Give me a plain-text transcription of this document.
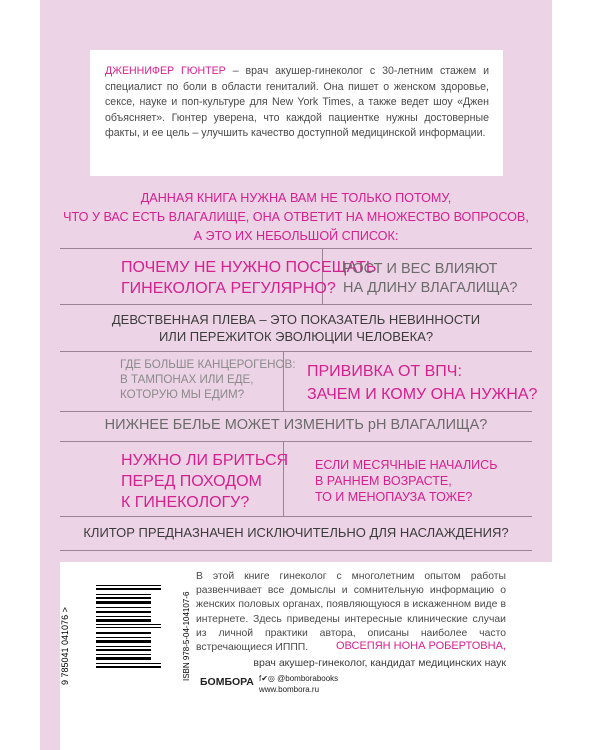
ДЖЕННИФЕР ГЮНТЕР – врач акушер-гинеколог с 30-летним стажем и специалист по боли в области гениталий. Она пишет о женском здоровье, сексе, науке и поп-культуре для New York Times, а также ведет шоу «Джен объясняет». Гюнтер уверена, что каждой пациентке нужны достоверные факты, и ее цель – улучшить качество доступной медицинской информации.
ДАННАЯ КНИГА НУЖНА ВАМ НЕ ТОЛЬКО ПОТОМУ,
ЧТО У ВАС ЕСТЬ ВЛАГАЛИЩЕ, ОНА ОТВЕТИТ НА МНОЖЕСТВО ВОПРОСОВ,
А ЭТО ИХ НЕБОЛЬШОЙ СПИСОК:
ПОЧЕМУ НЕ НУЖНО ПОСЕЩАТЬ
ГИНЕКОЛОГА РЕГУЛЯРНО?
РОСТ И ВЕС ВЛИЯЮТ
НА ДЛИНУ ВЛАГАЛИЩА?
ДЕВСТВЕННАЯ ПЛЕВА – ЭТО ПОКАЗАТЕЛЬ НЕВИННОСТИ
ИЛИ ПЕРЕЖИТОК ЭВОЛЮЦИИ ЧЕЛОВЕКА?
ГДЕ БОЛЬШЕ КАНЦЕРОГЕНОВ:
В ТАМПОНАХ ИЛИ ЕДЕ,
КОТОРУЮ МЫ ЕДИМ?
ПРИВИВКА ОТ ВПЧ:
ЗАЧЕМ И КОМУ ОНА НУЖНА?
НИЖНЕЕ БЕЛЬЕ МОЖЕТ ИЗМЕНИТЬ pH ВЛАГАЛИЩА?
НУЖНО ЛИ БРИТЬСЯ
ПЕРЕД ПОХОДОМ
К ГИНЕКОЛОГУ?
ЕСЛИ МЕСЯЧНЫЕ НАЧАЛИСЬ
В РАННЕМ ВОЗРАСТЕ,
ТО И МЕНОПАУЗА ТОЖЕ?
КЛИТОР ПРЕДНАЗНАЧЕН ИСКЛЮЧИТЕЛЬНО ДЛЯ НАСЛАЖДЕНИЯ?
В этой книге гинеколог с многолетним опытом работы развенчивает все домыслы и сомнительную информацию о женских половых органах, появляющуюся в искаженном виде в интернете. Здесь приведены интересные клинические случаи из личной практики автора, описаны наиболее часто встречающиеся ИППП.	ОВСЕПЯН НОНА РОБЕРТОВНА,
врач акушер-гинеколог, кандидат медицинских наук
9 785041 041076 >	ISBN 978-5-04-104107-6
БОМБОРА f✔◎ @bomborabooks
www.bombora.ru
